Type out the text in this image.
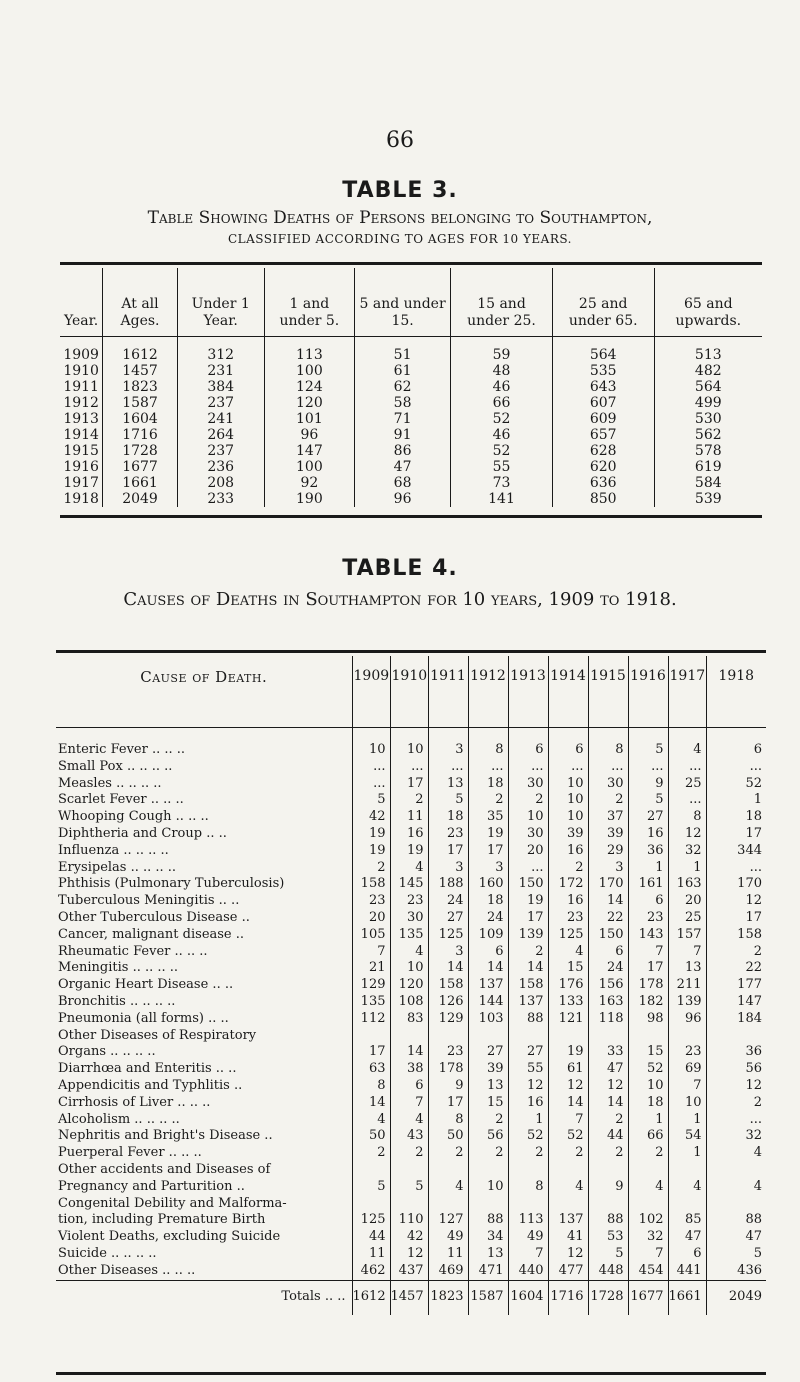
66
TABLE 3.
Table Showing Deaths of Persons belonging to Southampton,
CLASSIFIED ACCORDING TO AGES FOR 10 YEARS.
Year.	At all Ages.	Under 1 Year.	1 and under 5.	5 and under 15.	15 and under 25.	25 and under 65.	65 and upwards.
1909	1612	312	113	51	59	564	513
1910	1457	231	100	61	48	535	482
1911	1823	384	124	62	46	643	564
1912	1587	237	120	58	66	607	499
1913	1604	241	101	71	52	609	530
1914	1716	264	96	91	46	657	562
1915	1728	237	147	86	52	628	578
1916	1677	236	100	47	55	620	619
1917	1661	208	92	68	73	636	584
1918	2049	233	190	96	141	850	539
TABLE 4.
Causes of Deaths in Southampton for 10 years, 1909 to 1918.
Cause of Death.	1909	1910	1911	1912	1913	1914	1915	1916	1917	1918
Enteric Fever .. .. ..	10	10	3	8	6	6	8	5	4	6
Small Pox .. .. .. ..	...	...	...	...	...	...	...	...	...	...
Measles .. .. .. ..	...	17	13	18	30	10	30	9	25	52
Scarlet Fever .. .. ..	5	2	5	2	2	10	2	5	...	1
Whooping Cough .. .. ..	42	11	18	35	10	10	37	27	8	18
Diphtheria and Croup .. ..	19	16	23	19	30	39	39	16	12	17
Influenza .. .. .. ..	19	19	17	17	20	16	29	36	32	344
Erysipelas .. .. .. ..	2	4	3	3	...	2	3	1	1	...
Phthisis (Pulmonary Tuberculosis)	158	145	188	160	150	172	170	161	163	170
Tuberculous Meningitis .. ..	23	23	24	18	19	16	14	6	20	12
Other Tuberculous Disease ..	20	30	27	24	17	23	22	23	25	17
Cancer, malignant disease ..	105	135	125	109	139	125	150	143	157	158
Rheumatic Fever .. .. ..	7	4	3	6	2	4	6	7	7	2
Meningitis .. .. .. ..	21	10	14	14	14	15	24	17	13	22
Organic Heart Disease .. ..	129	120	158	137	158	176	156	178	211	177
Bronchitis .. .. .. ..	135	108	126	144	137	133	163	182	139	147
Pneumonia (all forms) .. ..	112	83	129	103	88	121	118	98	96	184
Other Diseases of Respiratory										
Organs .. .. .. ..	17	14	23	27	27	19	33	15	23	36
Diarrhœa and Enteritis .. ..	63	38	178	39	55	61	47	52	69	56
Appendicitis and Typhlitis ..	8	6	9	13	12	12	12	10	7	12
Cirrhosis of Liver .. .. ..	14	7	17	15	16	14	14	18	10	2
Alcoholism .. .. .. ..	4	4	8	2	1	7	2	1	1	...
Nephritis and Bright's Disease ..	50	43	50	56	52	52	44	66	54	32
Puerperal Fever .. .. ..	2	2	2	2	2	2	2	2	1	4
Other accidents and Diseases of										
Pregnancy and Parturition ..	5	5	4	10	8	4	9	4	4	4
Congenital Debility and Malforma-										
tion, including Premature Birth	125	110	127	88	113	137	88	102	85	88
Violent Deaths, excluding Suicide	44	42	49	34	49	41	53	32	47	47
Suicide .. .. .. ..	11	12	11	13	7	12	5	7	6	5
Other Diseases .. .. ..	462	437	469	471	440	477	448	454	441	436
Totals .. ..	1612	1457	1823	1587	1604	1716	1728	1677	1661	2049
